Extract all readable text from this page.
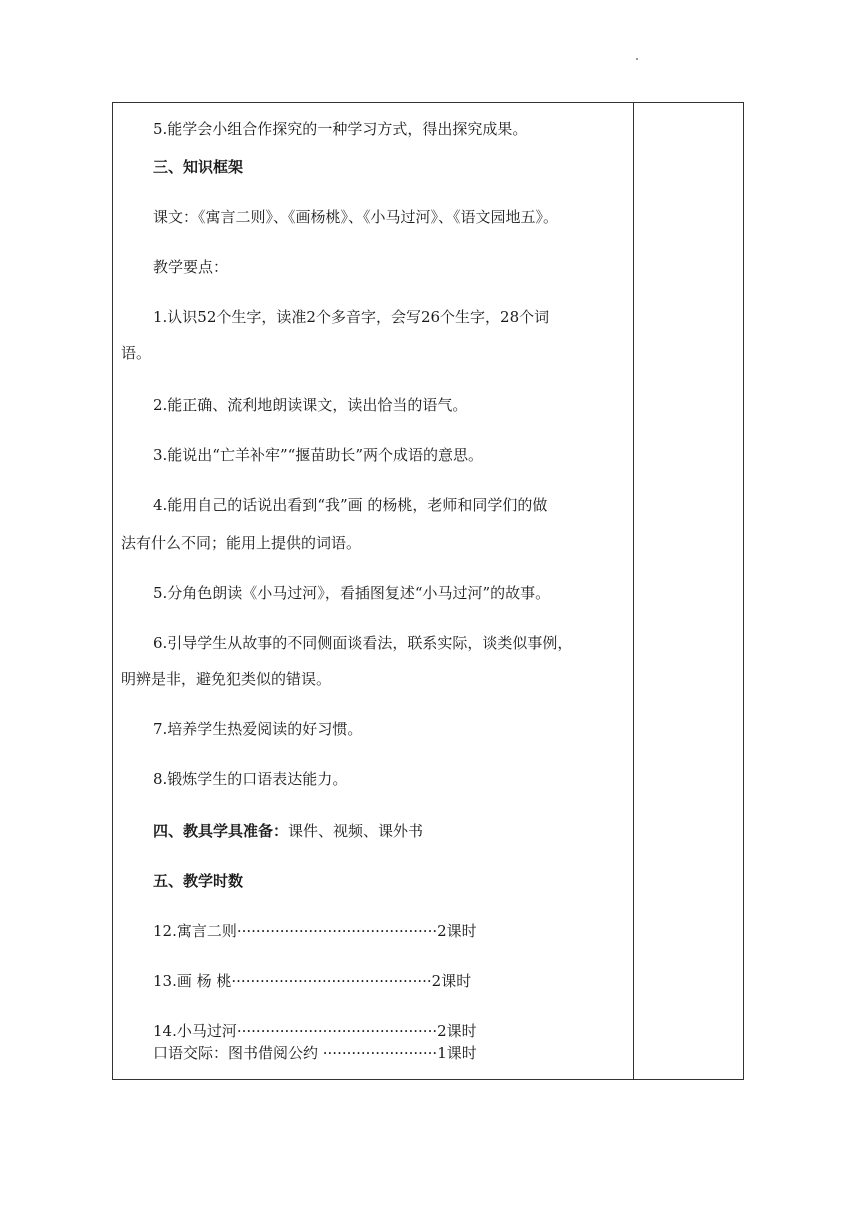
5.能学会小组合作探究的一种学习方式，得出探究成果。
三、知识框架
课文：《寓言二则》、《画杨桃》、《小马过河》、《语文园地五》。
教学要点：
1.认识52个生字，读准2个多音字，会写26个生字，28个词
语。
2.能正确、流利地朗读课文，读出恰当的语气。
3.能说出“亡羊补牢”“揠苗助长”两个成语的意思。
4.能用自己的话说出看到“我”画 的杨桃，老师和同学们的做
法有什么不同；能用上提供的词语。
5.分角色朗读《小马过河》，看插图复述“小马过河”的故事。
6.引导学生从故事的不同侧面谈看法，联系实际，谈类似事例，
明辨是非，避免犯类似的错误。
7.培养学生热爱阅读的好习惯。
8.锻炼学生的口语表达能力。
四、教具学具准备：课件、视频、课外书
五、教学时数
12.寓言二则··········································2课时
13.画 杨 桃··········································2课时
14.小马过河··········································2课时
口语交际：图书借阅公约 ························1课时
